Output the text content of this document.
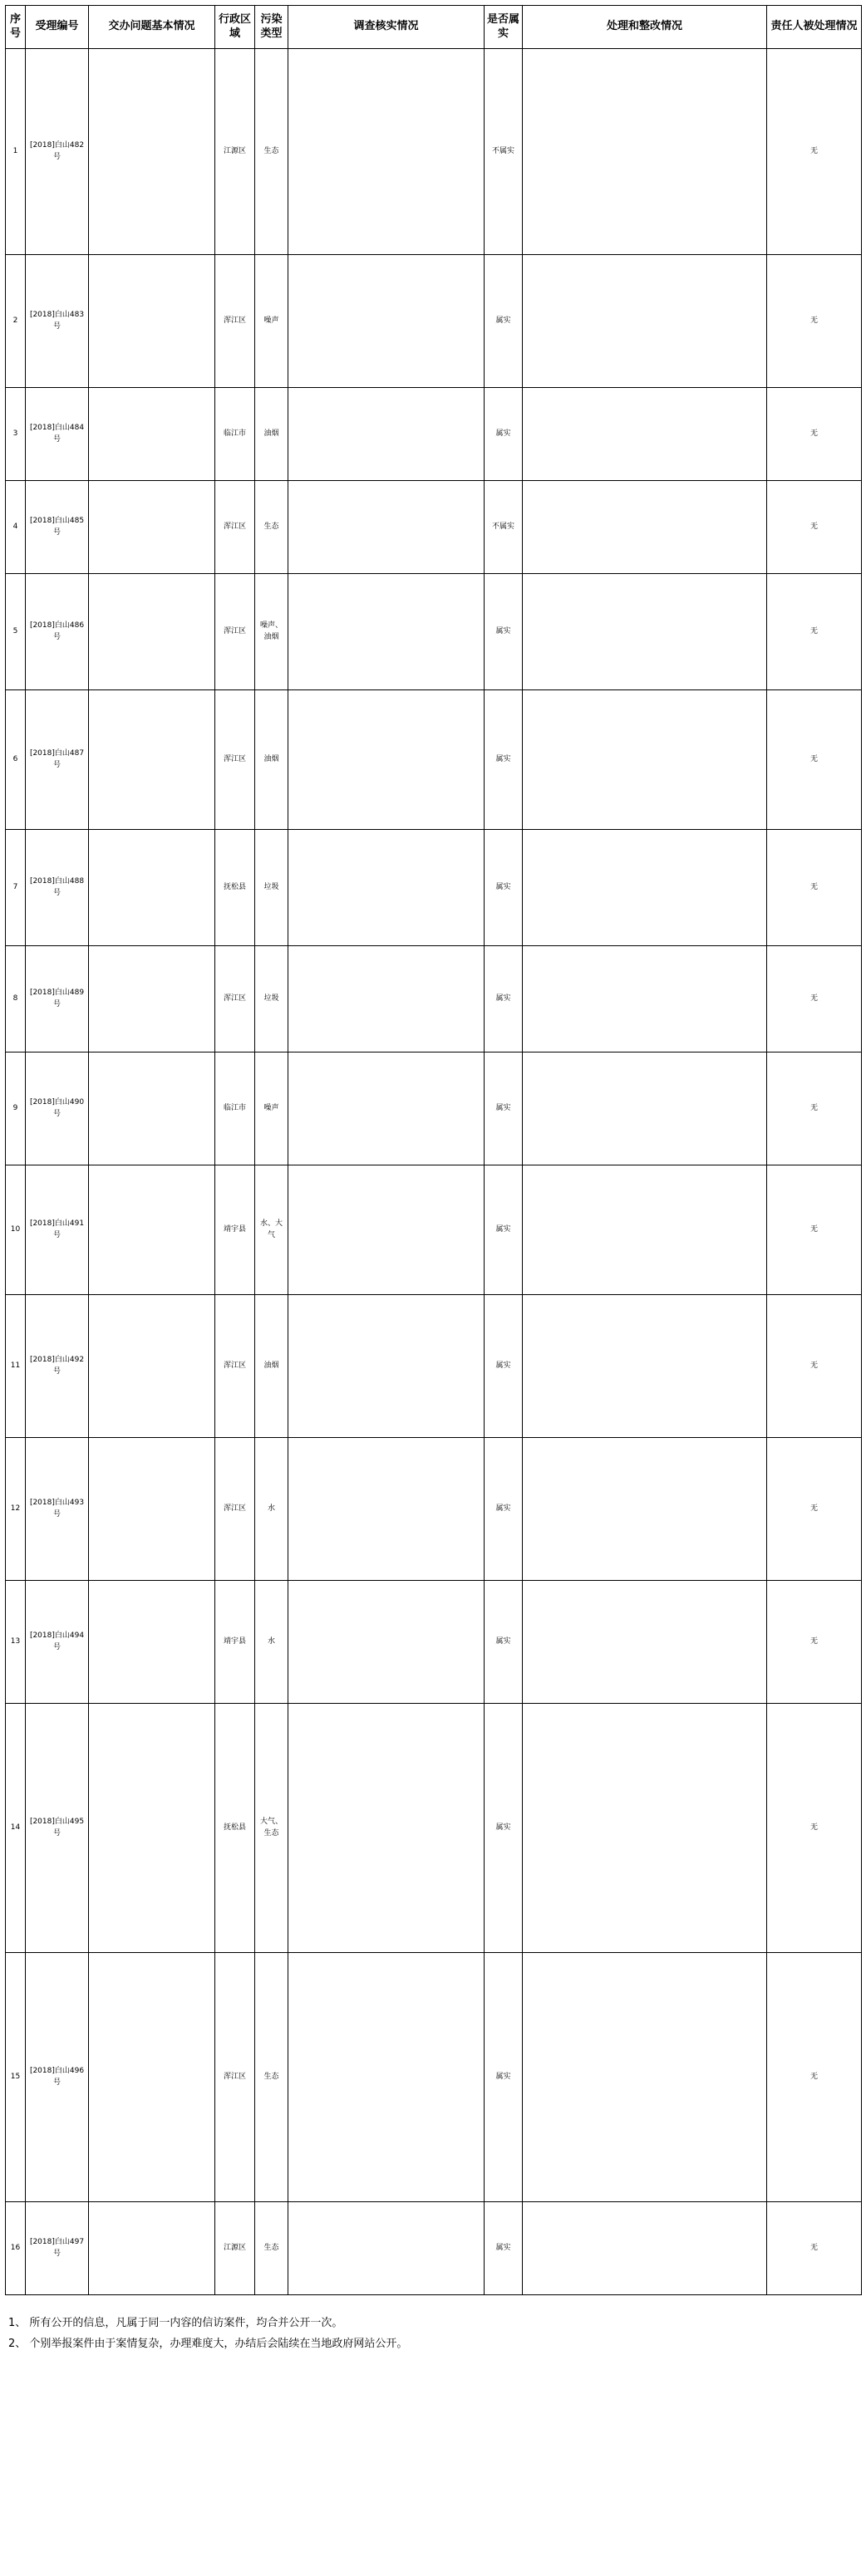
序号	受理编号	交办问题基本情况	行政区域	污染类型	调查核实情况	是否属实	处理和整改情况	责任人被处理情况
1	[2018]白山482号		江源区	生态		不属实		无
2	[2018]白山483号		浑江区	噪声		属实		无
3	[2018]白山484号		临江市	油烟		属实		无
4	[2018]白山485号		浑江区	生态		不属实		无
5	[2018]白山486号		浑江区	噪声、油烟		属实		无
6	[2018]白山487号		浑江区	油烟		属实		无
7	[2018]白山488号		抚松县	垃圾		属实		无
8	[2018]白山489号		浑江区	垃圾		属实		无
9	[2018]白山490号		临江市	噪声		属实		无
10	[2018]白山491号		靖宇县	水、大气		属实		无
11	[2018]白山492号		浑江区	油烟		属实		无
12	[2018]白山493号		浑江区	水		属实		无
13	[2018]白山494号		靖宇县	水		属实		无
14	[2018]白山495号		抚松县	大气、生态		属实		无
15	[2018]白山496号		浑江区	生态		属实		无
16	[2018]白山497号		江源区	生态		属实		无

1、 所有公开的信息，凡属于同一内容的信访案件，均合并公开一次。

2、 个别举报案件由于案情复杂，办理难度大，办结后会陆续在当地政府网站公开。
